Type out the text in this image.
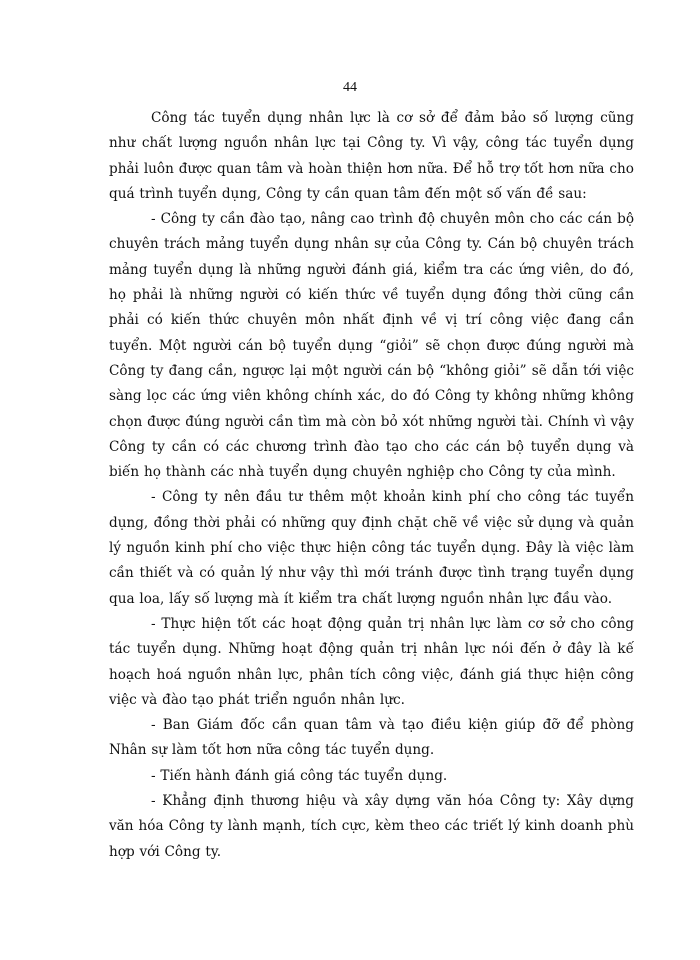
44

Công tác tuyển dụng nhân lực là cơ sở để đảm bảo số lượng cũng như chất lượng nguồn nhân lực tại Công ty. Vì vậy, công tác tuyển dụng phải luôn được quan tâm và hoàn thiện hơn nữa. Để hỗ trợ tốt hơn nữa cho quá trình tuyển dụng, Công ty cần quan tâm đến một số vấn đề sau:

- Công ty cần đào tạo, nâng cao trình độ chuyên môn cho các cán bộ chuyên trách mảng tuyển dụng nhân sự của Công ty. Cán bộ chuyên trách mảng tuyển dụng là những người đánh giá, kiểm tra các ứng viên, do đó, họ phải là những người có kiến thức về tuyển dụng đồng thời cũng cần phải có kiến thức chuyên môn nhất định về vị trí công việc đang cần tuyển. Một người cán bộ tuyển dụng “giỏi” sẽ chọn được đúng người mà Công ty đang cần, ngược lại một người cán bộ “không giỏi” sẽ dẫn tới việc sàng lọc các ứng viên không chính xác, do đó Công ty không những không chọn được đúng người cần tìm mà còn bỏ xót những người tài. Chính vì vậy Công ty cần có các chương trình đào tạo cho các cán bộ tuyển dụng và biến họ thành các nhà tuyển dụng chuyên nghiệp cho Công ty của mình.

- Công ty nên đầu tư thêm một khoản kinh phí cho công tác tuyển dụng, đồng thời phải có những quy định chặt chẽ về việc sử dụng và quản lý nguồn kinh phí cho việc thực hiện công tác tuyển dụng. Đây là việc làm cần thiết và có quản lý như vậy thì mới tránh được tình trạng tuyển dụng qua loa, lấy số lượng mà ít kiểm tra chất lượng nguồn nhân lực đầu vào.

- Thực hiện tốt các hoạt động quản trị nhân lực làm cơ sở cho công tác tuyển dụng. Những hoạt động quản trị nhân lực nói đến ở đây là kế hoạch hoá nguồn nhân lực, phân tích công việc, đánh giá thực hiện công việc và đào tạo phát triển nguồn nhân lực.

- Ban Giám đốc cần quan tâm và tạo điều kiện giúp đỡ để phòng Nhân sự làm tốt hơn nữa công tác tuyển dụng.

- Tiến hành đánh giá công tác tuyển dụng.

- Khẳng định thương hiệu và xây dựng văn hóa Công ty: Xây dựng văn hóa Công ty lành mạnh, tích cực, kèm theo các triết lý kinh doanh phù hợp với Công ty.
